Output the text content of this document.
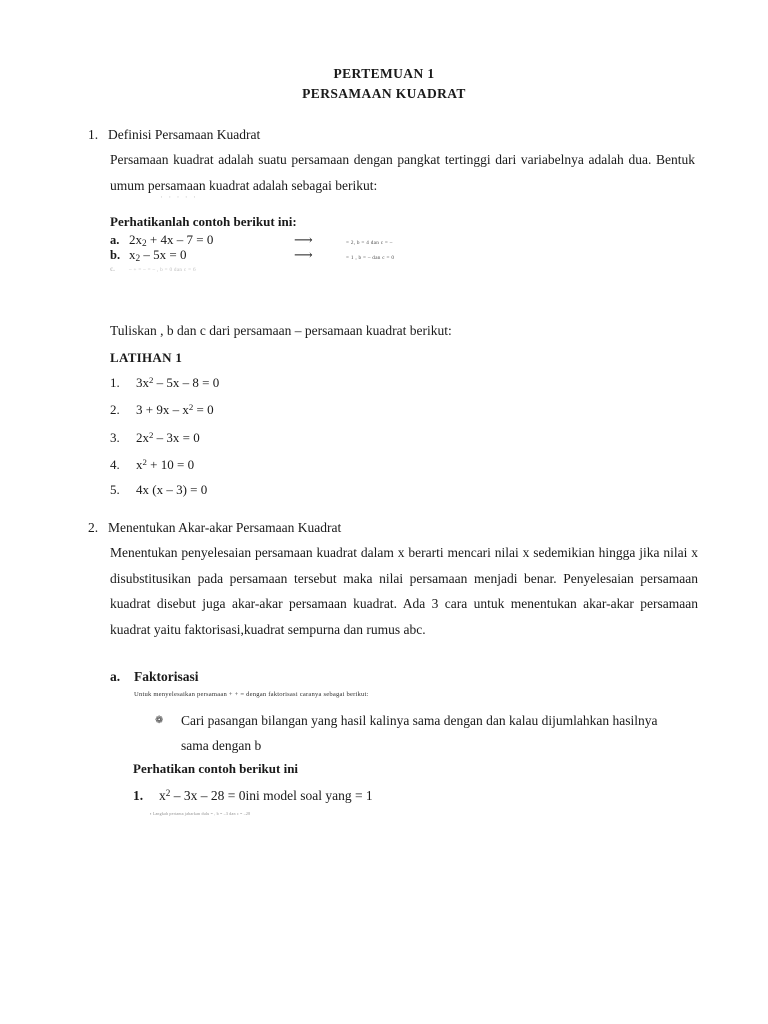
PERTEMUAN 1
PERSAMAAN KUADRAT
1. Definisi Persamaan Kuadrat
Persamaan kuadrat adalah suatu persamaan dengan pangkat tertinggi dari variabelnya adalah dua. Bentuk umum persamaan kuadrat adalah sebagai berikut:
· · · · ·
Perhatikanlah contoh berikut ini:
a. $2x_2 + 4x - 7 = 0$	⟶	= 2, b = 4 dan c = –
b. $x_2 - 5x = 0$	⟶	= 1 , b = – dan c = 0
c.	– + = – = – , b = 0 dan c = 6
Tuliskan , b dan c dari persamaan – persamaan kuadrat berikut:
LATIHAN 1
1.	$3x^2 - 5x - 8 = 0$
2.	$3 + 9x - x^2 = 0$
3.	$2x^2 - 3x = 0$
4.	$x^2 + 10 = 0$
5.	4x (x – 3) = 0
2. Menentukan Akar-akar Persamaan Kuadrat
Menentukan penyelesaian persamaan kuadrat dalam x berarti mencari nilai x sedemikian hingga jika nilai x disubstitusikan pada persamaan tersebut maka nilai persamaan menjadi benar. Penyelesaian persamaan kuadrat disebut juga akar-akar persamaan kuadrat. Ada 3 cara untuk menentukan akar-akar persamaan kuadrat yaitu faktorisasi,kuadrat sempurna dan rumus abc.
a.	Faktorisasi
Untuk menyelesaikan persamaan + + = dengan faktorisasi caranya sebagai berikut:
❁	Cari pasangan bilangan yang hasil kalinya sama dengan dan kalau dijumlahkan hasilnya sama dengan b
Perhatikan contoh berikut ini
1.	$x^2 - 3x - 28 = 0ini$ model soal yang = 1
▪ Langkah pertama jabarkan dulu = , b = –3 dan c = –28
